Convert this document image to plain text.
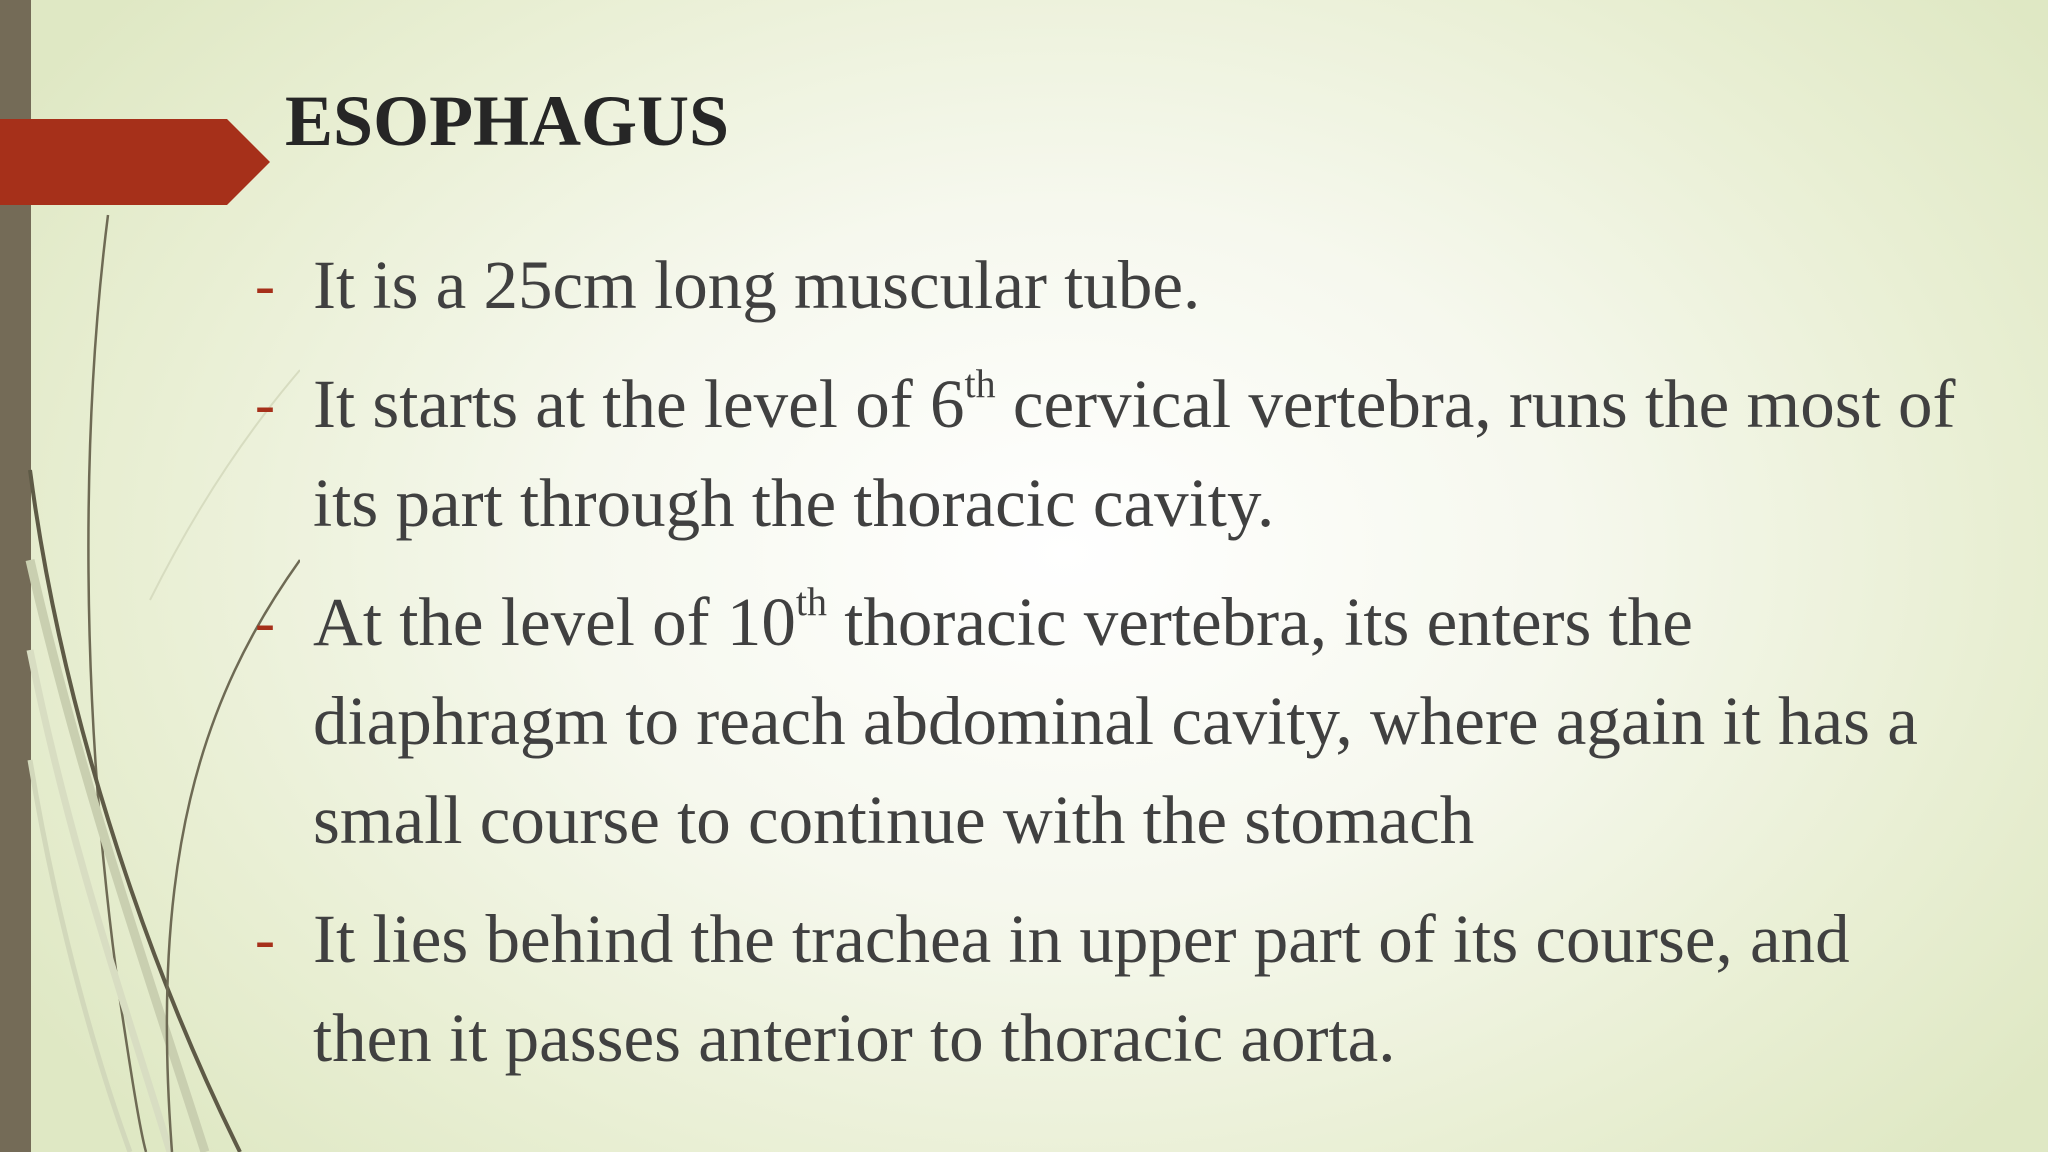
ESOPHAGUS
- It is a 25cm long muscular tube.
- It starts at the level of 6th cervical vertebra, runs the most of its part through the thoracic cavity.
- At the level of 10th thoracic vertebra, its enters the diaphragm to reach abdominal cavity, where again it has a small course to continue with the stomach
- It lies behind the trachea in upper part of its course, and then it passes anterior to thoracic aorta.
